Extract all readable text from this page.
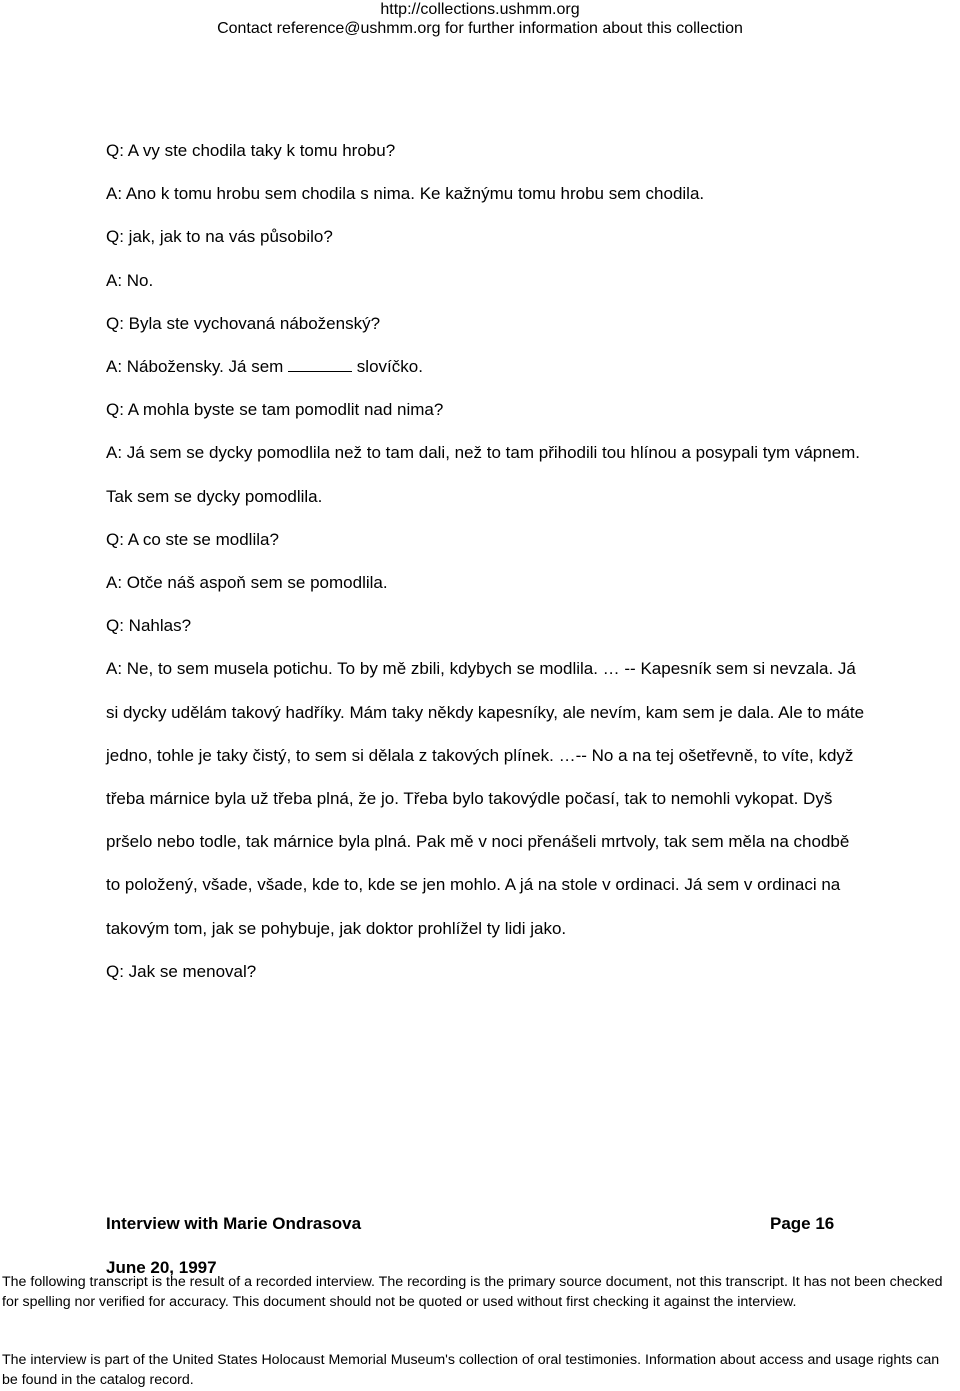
http://collections.ushmm.org
Contact reference@ushmm.org for further information about this collection

Q: A vy ste chodila taky k tomu hrobu?

A: Ano k tomu hrobu sem chodila s nima. Ke kažnýmu tomu hrobu sem chodila.

Q: jak, jak to na vás působilo?

A: No.

Q: Byla ste vychovaná náboženský?

A: Nábožensky. Já sem	slovíčko.

Q: A mohla byste se tam pomodlit nad nima?

A: Já sem se dycky pomodlila než to tam dali, než to tam přihodili tou hlínou a posypali tym vápnem. Tak sem se dycky pomodlila.

Q: A co ste se modlila?

A: Otče náš aspoň sem se pomodlila.

Q: Nahlas?

A: Ne, to sem musela potichu. To by mě zbili, kdybych se modlila. … -- Kapesník sem si nevzala. Já si dycky udělám takový hadříky. Mám taky někdy kapesníky, ale nevím, kam sem je dala. Ale to máte jedno, tohle je taky čistý, to sem si dělala z takových plínek. …-- No a na tej ošetřevně, to víte, když třeba márnice byla už třeba plná, že jo. Třeba bylo takovýdle počasí, tak to nemohli vykopat. Dyš pršelo nebo todle, tak márnice byla plná. Pak mě v noci přenášeli mrtvoly, tak sem měla na chodbě to položený, všade, všade, kde to, kde se jen mohlo. A já na stole v ordinaci. Já sem v ordinaci na takovým tom, jak se pohybuje, jak doktor prohlížel ty lidi jako.

Q: Jak se menoval?

Interview with Marie Ondrasova	Page 16
June 20, 1997
The following transcript is the result of a recorded interview. The recording is the primary source document, not this transcript. It has not been checked for spelling nor verified for accuracy. This document should not be quoted or used without first checking it against the interview.
The interview is part of the United States Holocaust Memorial Museum's collection of oral testimonies. Information about access and usage rights can be found in the catalog record.
